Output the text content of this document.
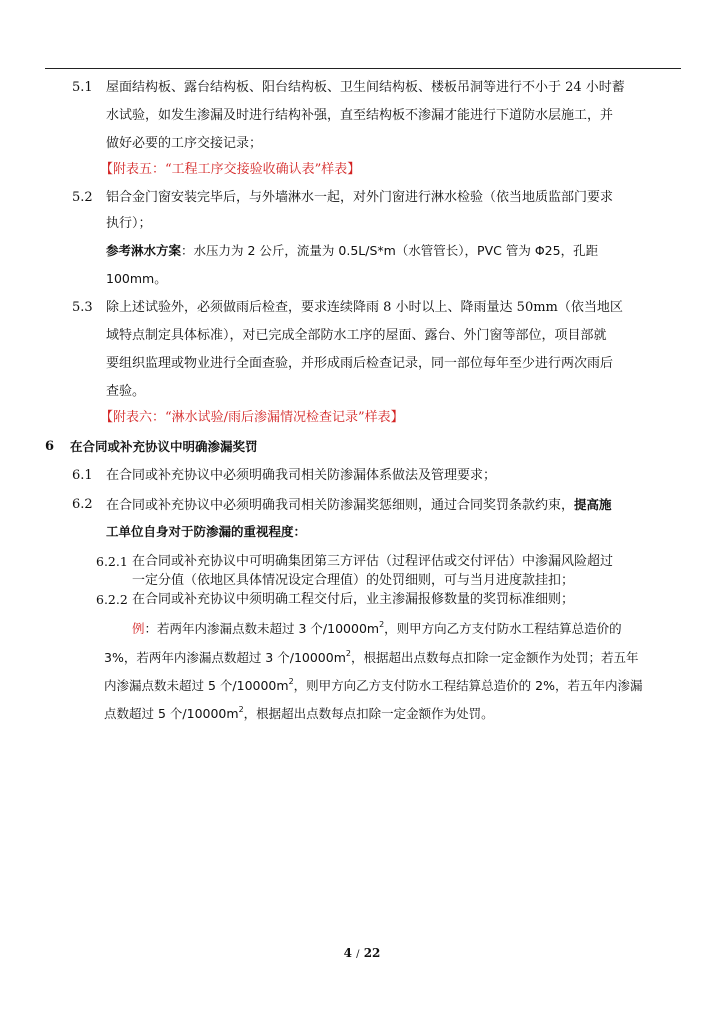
5.1 屋面结构板、露台结构板、阳台结构板、卫生间结构板、楼板吊洞等进行不小于 24 小时蓄
水试验，如发生渗漏及时进行结构补强，直至结构板不渗漏才能进行下道防水层施工，并
做好必要的工序交接记录；
【附表五：“工程工序交接验收确认表”样表】
5.2 铝合金门窗安装完毕后，与外墙淋水一起，对外门窗进行淋水检验（依当地质监部门要求
执行）；
参考淋水方案：水压力为 2 公斤，流量为 0.5L/S*m（水管管长），PVC 管为 Φ25，孔距
100mm。
5.3 除上述试验外，必须做雨后检查，要求连续降雨 8 小时以上、降雨量达 50mm（依当地区
域特点制定具体标准），对已完成全部防水工序的屋面、露台、外门窗等部位，项目部就
要组织监理或物业进行全面查验，并形成雨后检查记录，同一部位每年至少进行两次雨后
查验。
【附表六：“淋水试验/雨后渗漏情况检查记录”样表】
6 在合同或补充协议中明确渗漏奖罚
6.1 在合同或补充协议中必须明确我司相关防渗漏体系做法及管理要求；
6.2 在合同或补充协议中必须明确我司相关防渗漏奖惩细则，通过合同奖罚条款约束，提高施
工单位自身对于防渗漏的重视程度：
6.2.1 在合同或补充协议中可明确集团第三方评估（过程评估或交付评估）中渗漏风险超过
一定分值（依地区具体情况设定合理值）的处罚细则，可与当月进度款挂扣；
6.2.2 在合同或补充协议中须明确工程交付后，业主渗漏报修数量的奖罚标准细则；
例：若两年内渗漏点数未超过 3 个$/10000m^2$，则甲方向乙方支付防水工程结算总造价的
3%，若两年内渗漏点数超过 3 个$/10000m^2$，根据超出点数每点扣除一定金额作为处罚；若五年
内渗漏点数未超过 5 个$/10000m^2$，则甲方向乙方支付防水工程结算总造价的 2%，若五年内渗漏
点数超过 5 个$/10000m^2$，根据超出点数每点扣除一定金额作为处罚。
4 / 22
